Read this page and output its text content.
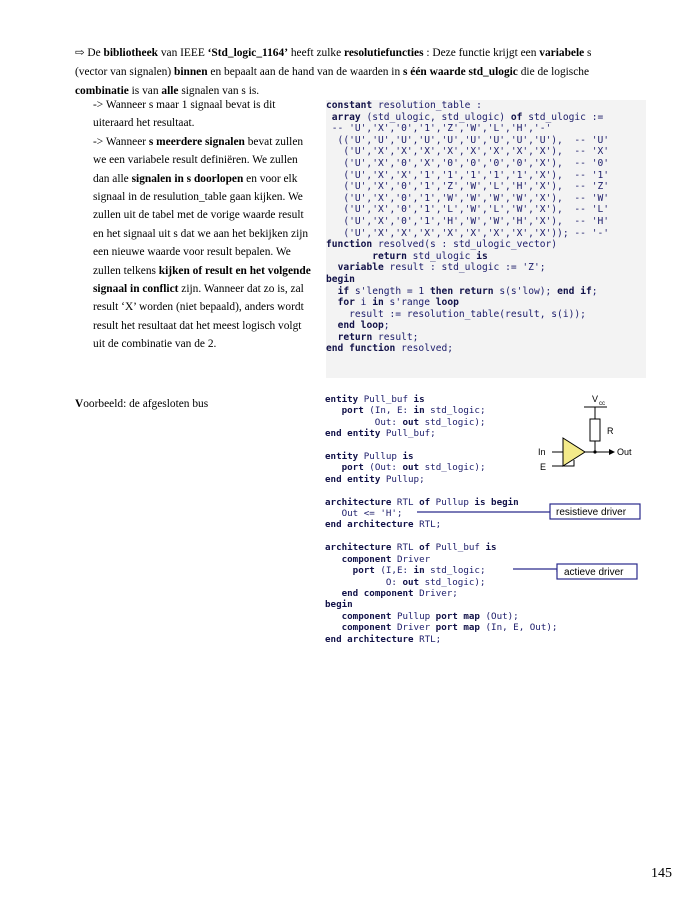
⇨ De bibliotheek van IEEE ‘Std_logic_1164’ heeft zulke resolutiefuncties : Deze functie krijgt een variabele s (vector van signalen) binnen en bepaalt aan de hand van de waarden in s één waarde std_ulogic die de logische combinatie is van alle signalen van s is.

-> Wanneer s maar 1 signaal bevat is dit uiteraard het resultaat.

-> Wanneer s meerdere signalen bevat zullen we een variabele result definiëren. We zullen dan alle signalen in s doorlopen en voor elk signaal in de resulution_table gaan kijken. We zullen uit de tabel met de vorige waarde result en het signaal uit s dat we aan het bekijken zijn een nieuwe waarde voor result bepalen. We zullen telkens kijken of result en het volgende signaal in conflict zijn. Wanneer dat zo is, zal result ‘X’ worden (niet bepaald), anders wordt result het resultaat dat het meest logisch volgt uit de combinatie van de 2.

constant resolution_table :
array (std_ulogic, std_ulogic) of std_ulogic :=
-- 'U','X','0','1','Z','W','L','H','-'
(('U','U','U','U','U','U','U','U','U'),  -- 'U'
('U','X','X','X','X','X','X','X','X'),  -- 'X'
('U','X','0','X','0','0','0','0','X'),  -- '0'
('U','X','X','1','1','1','1','1','X'),  -- '1'
('U','X','0','1','Z','W','L','H','X'),  -- 'Z'
('U','X','0','1','W','W','W','W','X'),  -- 'W'
('U','X','0','1','L','W','L','W','X'),  -- 'L'
('U','X','0','1','H','W','W','H','X'),  -- 'H'
('U','X','X','X','X','X','X','X','X')); -- '-'
function resolved(s : std_ulogic_vector)
return std_ulogic is
variable result : std_ulogic := 'Z';
begin
if s'length = 1 then return s(s'low); end if;
for i in s'range loop
result := resolution_table(result, s(i));
end loop;
return result;
end function resolved;
Voorbeeld: de afgesloten bus	entity Pull_buf is
port (In, E: in std_logic;
Out: out std_logic);
end entity Pull_buf;

entity Pullup is
port (Out: out std_logic);
end entity Pullup;

architecture RTL of Pullup is begin
Out <= 'H';
end architecture RTL;

architecture RTL of Pull_buf is
component Driver
port (I,E: in std_logic;
O: out std_logic);
end component Driver;
begin
component Pullup port map (Out);
component Driver port map (In, E, Out);
end architecture RTL;
V cc
R
In	Out
E
resistieve driver
actieve driver
145
